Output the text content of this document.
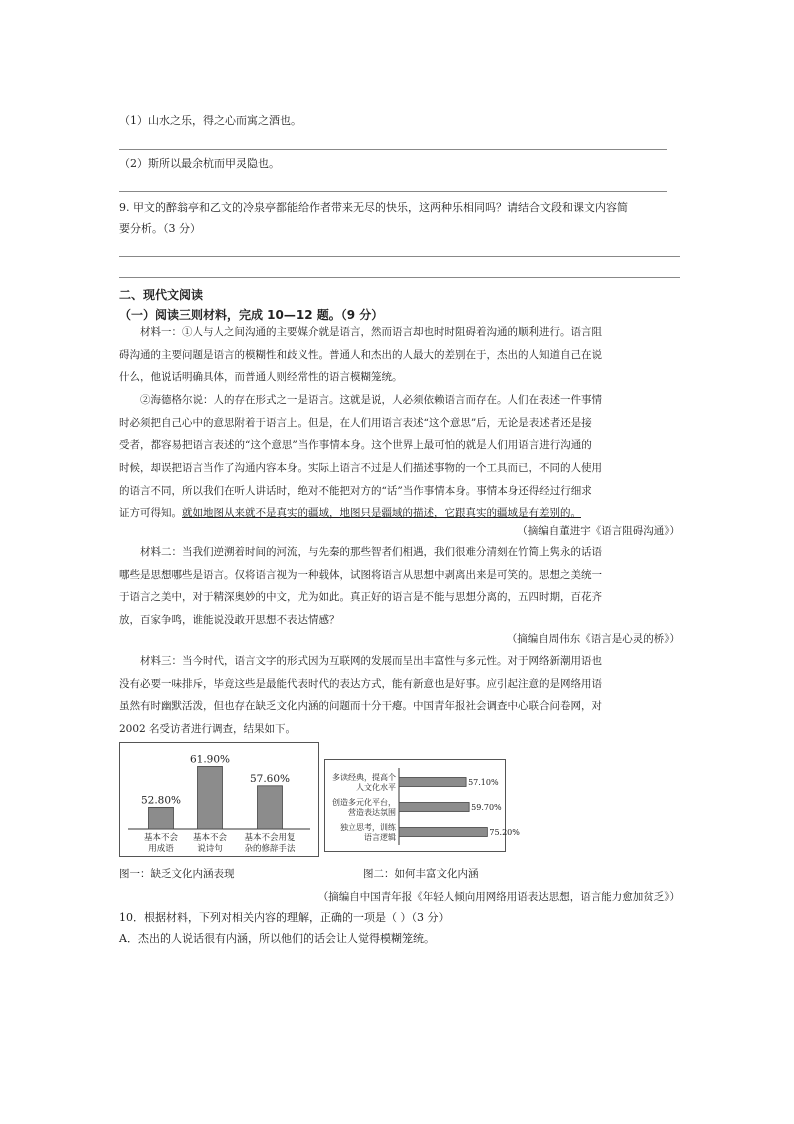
（1）山水之乐，得之心而寓之酒也。
（2）斯所以最余杭而甲灵隐也。
9. 甲文的醉翁亭和乙文的冷泉亭都能给作者带来无尽的快乐，这两种乐相同吗？请结合文段和课文内容简
要分析。（3 分）
二、现代文阅读
（一）阅读三则材料，完成 10—12 题。（9 分）
材料一：①人与人之间沟通的主要媒介就是语言，然而语言却也时时阻碍着沟通的顺利进行。语言阻
碍沟通的主要问题是语言的模糊性和歧义性。普通人和杰出的人最大的差别在于，杰出的人知道自己在说
什么，他说话明确具体，而普通人则经常性的语言模糊笼统。
②海德格尔说：人的存在形式之一是语言。这就是说，人必须依赖语言而存在。人们在表述一件事情
时必须把自己心中的意思附着于语言上。但是，在人们用语言表述“这个意思”后，无论是表述者还是接
受者，都容易把语言表述的“这个意思”当作事情本身。这个世界上最可怕的就是人们用语言进行沟通的
时候，却误把语言当作了沟通内容本身。实际上语言不过是人们描述事物的一个工具而已，不同的人使用
的语言不同，所以我们在听人讲话时，绝对不能把对方的“话”当作事情本身。事情本身还得经过行细求
证方可得知。就如地图从来就不是真实的疆域，地图只是疆域的描述，它跟真实的疆域是有差别的。
（摘编自董进宇《语言阻碍沟通》）
材料二：当我们逆溯着时间的河流，与先秦的那些智者们相遇，我们很难分清刻在竹简上隽永的话语
哪些是思想哪些是语言。仅将语言视为一种载体，试图将语言从思想中剥离出来是可笑的。思想之美统一
于语言之美中，对于精深奥妙的中文，尤为如此。真正好的语言是不能与思想分离的，五四时期，百花齐
放，百家争鸣，谁能说没敢开思想不表达情感？
（摘编自周伟东《语言是心灵的桥》）
材料三：当今时代，语言文字的形式因为互联网的发展而呈出丰富性与多元性。对于网络新潮用语也
没有必要一味排斥，毕竟这些是最能代表时代的表达方式，能有新意也是好事。应引起注意的是网络用语
虽然有时幽默活泼，但也存在缺乏文化内涵的问题而十分干瘪。中国青年报社会调查中心联合问卷网，对
2002 名受访者进行调查，结果如下。
52.80%
基本不会
用成语
61.90%
基本不会
说诗句
57.60%
基本不会用复
杂的修辞手法
57.10%
多读经典，提高个
人文化水平
59.70%
创造多元化平台，
营造表达氛围
75.20%
独立思考，训练
语言逻辑
图一：缺乏文化内涵表现	图二：如何丰富文化内涵
（摘编自中国青年报《年轻人倾向用网络用语表达思想，语言能力愈加贫乏》）
10．根据材料，下列对相关内容的理解，正确的一项是（ ）（3 分）
A．杰出的人说话很有内涵，所以他们的话会让人觉得模糊笼统。
